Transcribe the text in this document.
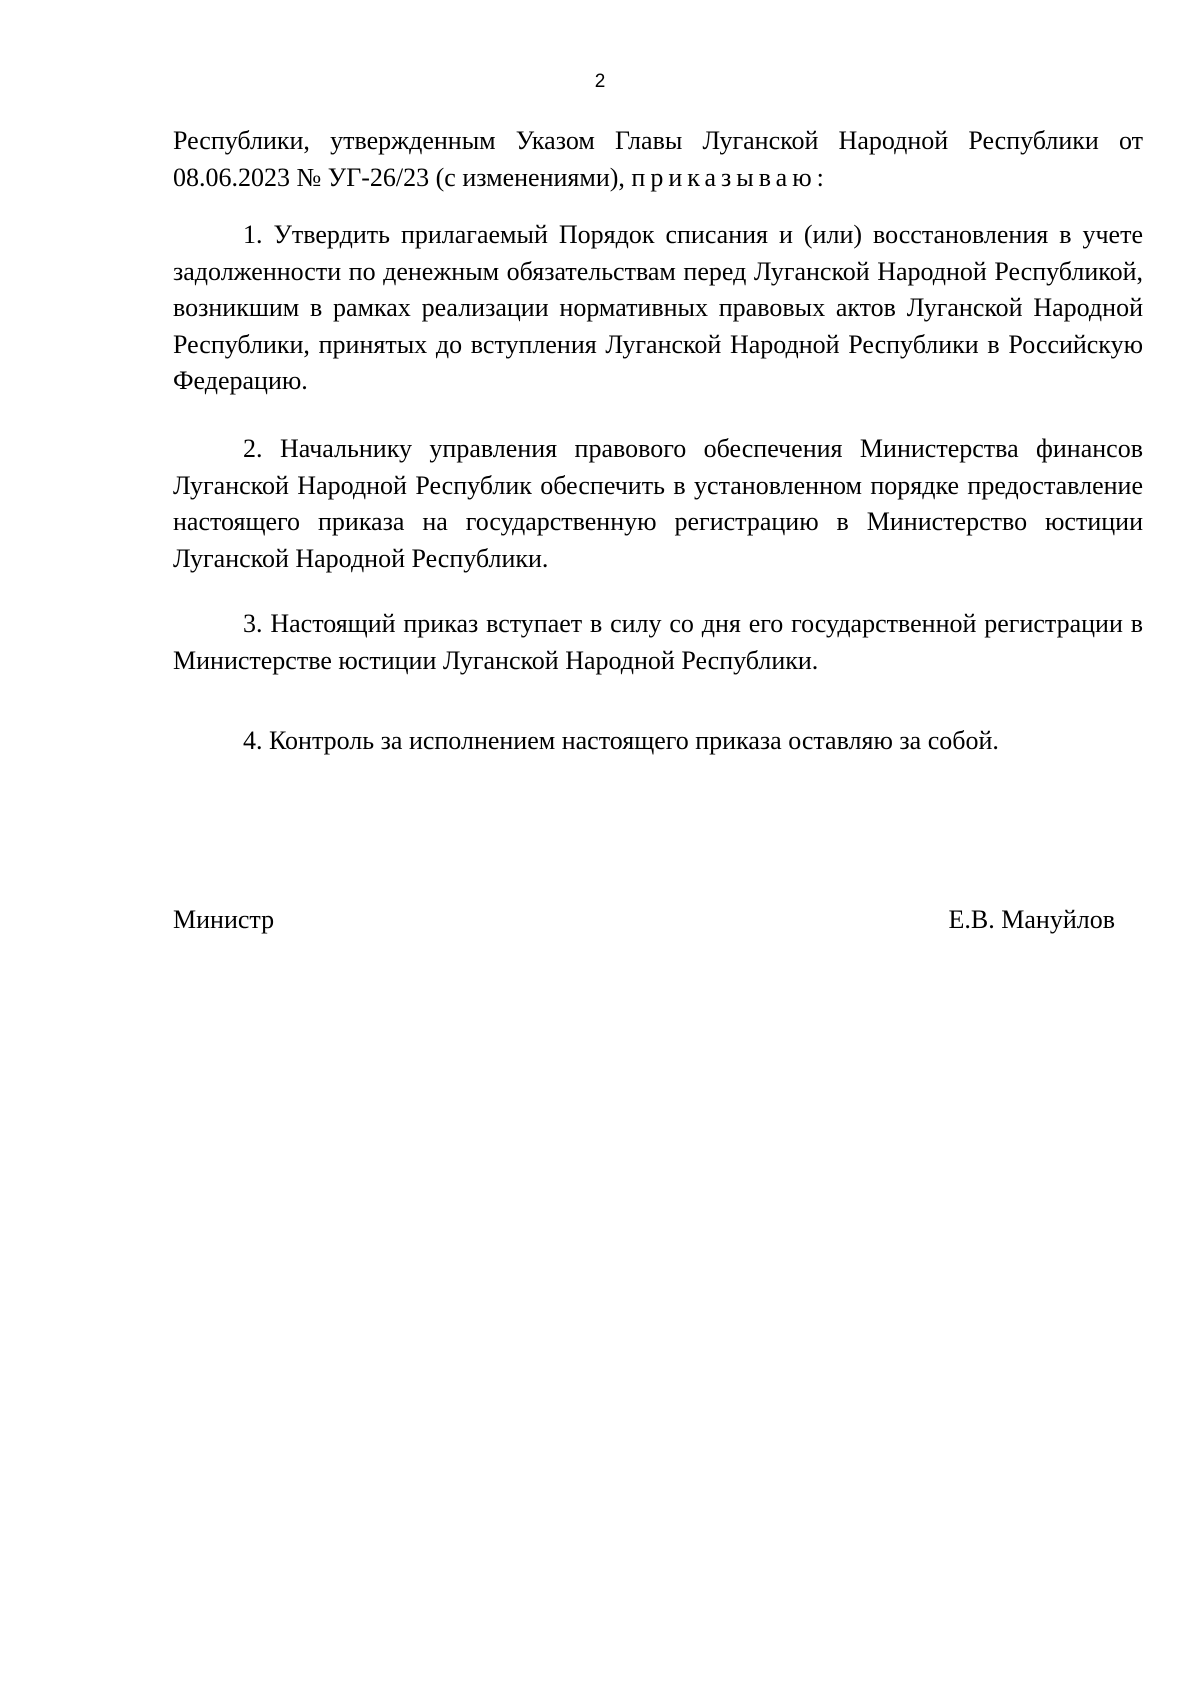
2

Республики, утвержденным Указом Главы Луганской Народной Республики от 08.06.2023 № УГ-26/23 (с изменениями), приказываю:

1. Утвердить прилагаемый Порядок списания и (или) восстановления в учете задолженности по денежным обязательствам перед Луганской Народной Республикой, возникшим в рамках реализации нормативных правовых актов Луганской Народной Республики, принятых до вступления Луганской Народной Республики в Российскую Федерацию.

2. Начальнику управления правового обеспечения Министерства финансов Луганской Народной Республик обеспечить в установленном порядке предоставление настоящего приказа на государственную регистрацию в Министерство юстиции Луганской Народной Республики.

3. Настоящий приказ вступает в силу со дня его государственной регистрации в Министерстве юстиции Луганской Народной Республики.

4. Контроль за исполнением настоящего приказа оставляю за собой.

Министр	Е.В. Мануйлов
